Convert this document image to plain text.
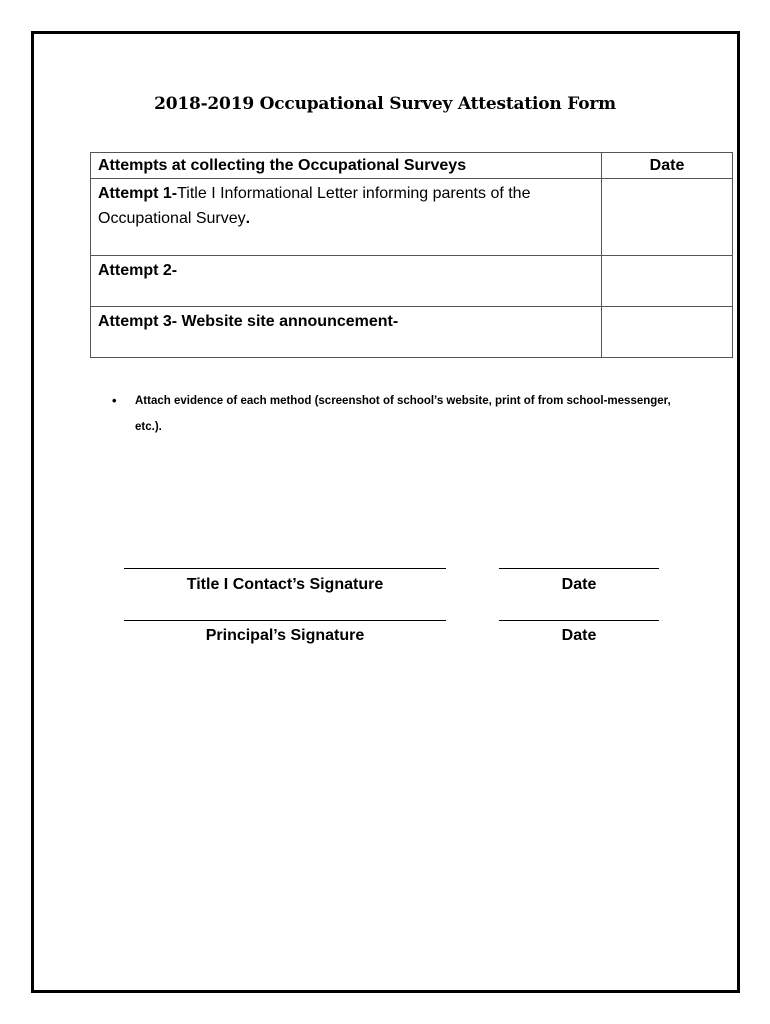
2018-2019 Occupational Survey Attestation Form
Attempts at collecting the Occupational Surveys	Date
Attempt 1-Title I Informational Letter informing parents of the Occupational Survey.	
Attempt 2-	
Attempt 3- Website site announcement-	
• Attach evidence of each method (screenshot of school’s website, print of from school-messenger, etc.).
Title I Contact’s Signature	Date
Principal’s Signature	Date
